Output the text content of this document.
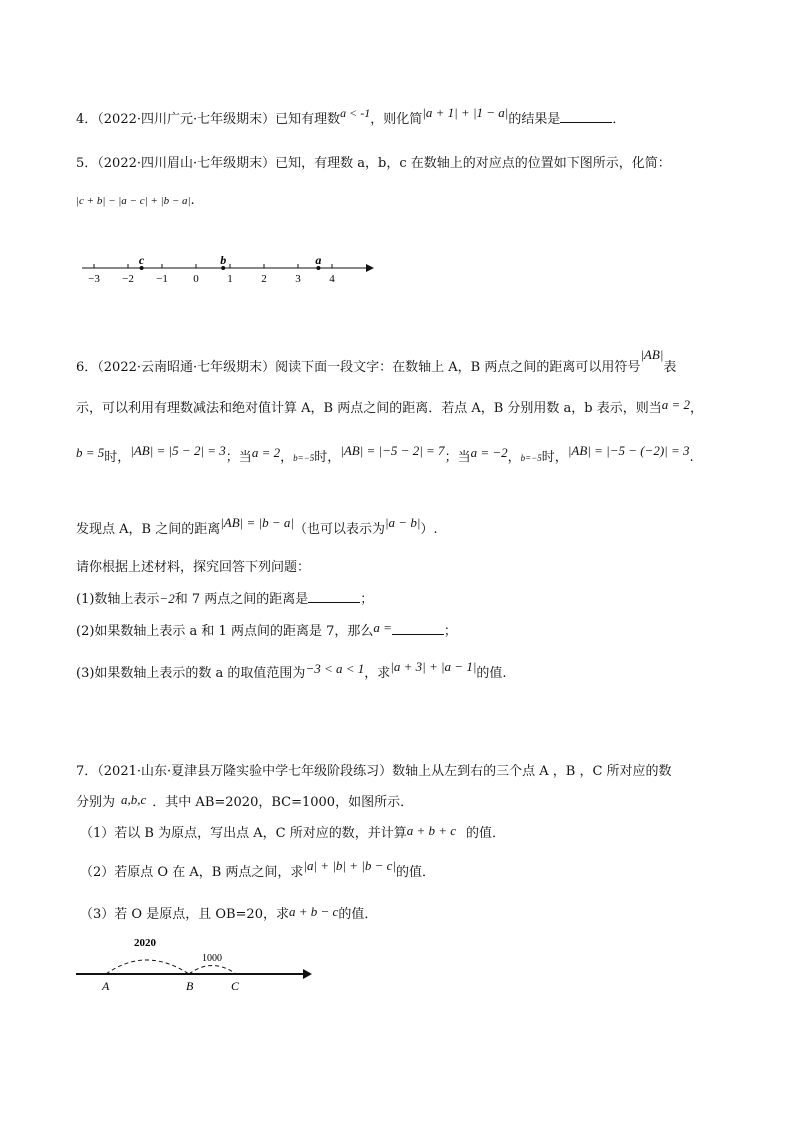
4．（2022·四川广元·七年级期末）已知有理数a < -1，则化简|a + 1| + |1 − a|的结果是	．
5．（2022·四川眉山·七年级期末）已知，有理数 a，b，c 在数轴上的对应点的位置如下图所示，化简：
|c + b| − |a − c| + |b − a|.
−3 −2 −1 0	1	2	3	4
c	b	a
6．（2022·云南昭通·七年级期末）阅读下面一段文字：在数轴上 A，B 两点之间的距离可以用符号|AB|表
示，可以利用有理数减法和绝对值计算 A，B 两点之间的距离．若点 A，B 分别用数 a，b 表示，则当a = 2，
b = 5时，|AB| = |5 − 2| = 3；当a = 2，b=−5时，|AB| = |−5 − 2| = 7；当a = −2，b=−5时，|AB| = |−5 − (−2)| = 3.
发现点 A，B 之间的距离|AB| = |b − a|（也可以表示为|a − b|）.
请你根据上述材料，探究回答下列问题：
(1)数轴上表示−2和 7 两点之间的距离是	；
(2)如果数轴上表示 a 和 1 两点间的距离是 7，那么a =	；
(3)如果数轴上表示的数 a 的取值范围为−3 < a < 1，求|a + 3| + |a − 1|的值.
7．（2021·山东·夏津县万隆实验中学七年级阶段练习）数轴上从左到右的三个点 A ，B ，C 所对应的数
分别为 a,b,c ．其中 AB=2020，BC=1000，如图所示．
（1）若以 B 为原点，写出点 A，C 所对应的数，并计算a + b + c 的值．
（2）若原点 O 在 A，B 两点之间，求|a| + |b| + |b − c|的值．
（3）若 O 是原点，且 OB=20，求a + b − c的值．
2020
1000
A	B	C
